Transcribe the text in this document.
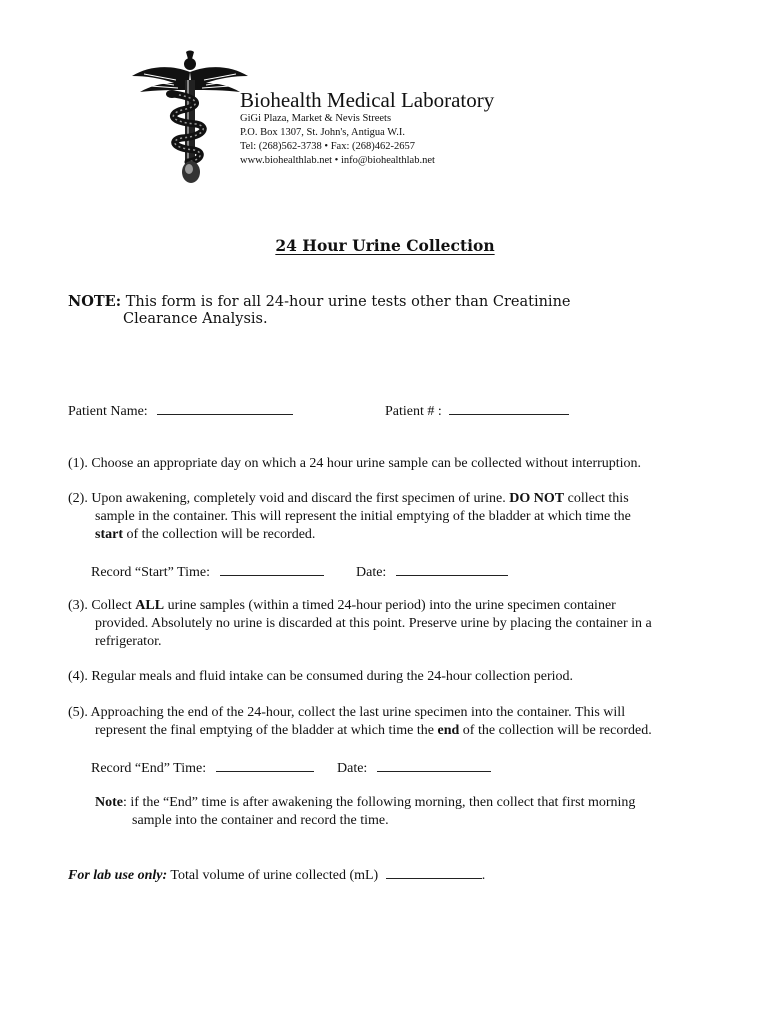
Biohealth Medical Laboratory
GiGi Plaza, Market & Nevis Streets
P.O. Box 1307, St. John's, Antigua W.I.
Tel: (268)562-3738 • Fax: (268)462-2657
www.biohealthlab.net • info@biohealthlab.net
24 Hour Urine Collection
NOTE: This form is for all 24-hour urine tests other than Creatinine
Clearance Analysis.
Patient Name:	Patient # :
(1). Choose an appropriate day on which a 24 hour urine sample can be collected without interruption.
(2). Upon awakening, completely void and discard the first specimen of urine. DO NOT collect this
sample in the container. This will represent the initial emptying of the bladder at which time the
start of the collection will be recorded.
Record “Start” Time:	Date:
(3). Collect ALL urine samples (within a timed 24-hour period) into the urine specimen container
provided. Absolutely no urine is discarded at this point. Preserve urine by placing the container in a
refrigerator.
(4). Regular meals and fluid intake can be consumed during the 24-hour collection period.
(5). Approaching the end of the 24-hour, collect the last urine specimen into the container. This will
represent the final emptying of the bladder at which time the end of the collection will be recorded.
Record “End” Time:	Date:
Note: if the “End” time is after awakening the following morning, then collect that first morning
sample into the container and record the time.
For lab use only: Total volume of urine collected (mL)	.
